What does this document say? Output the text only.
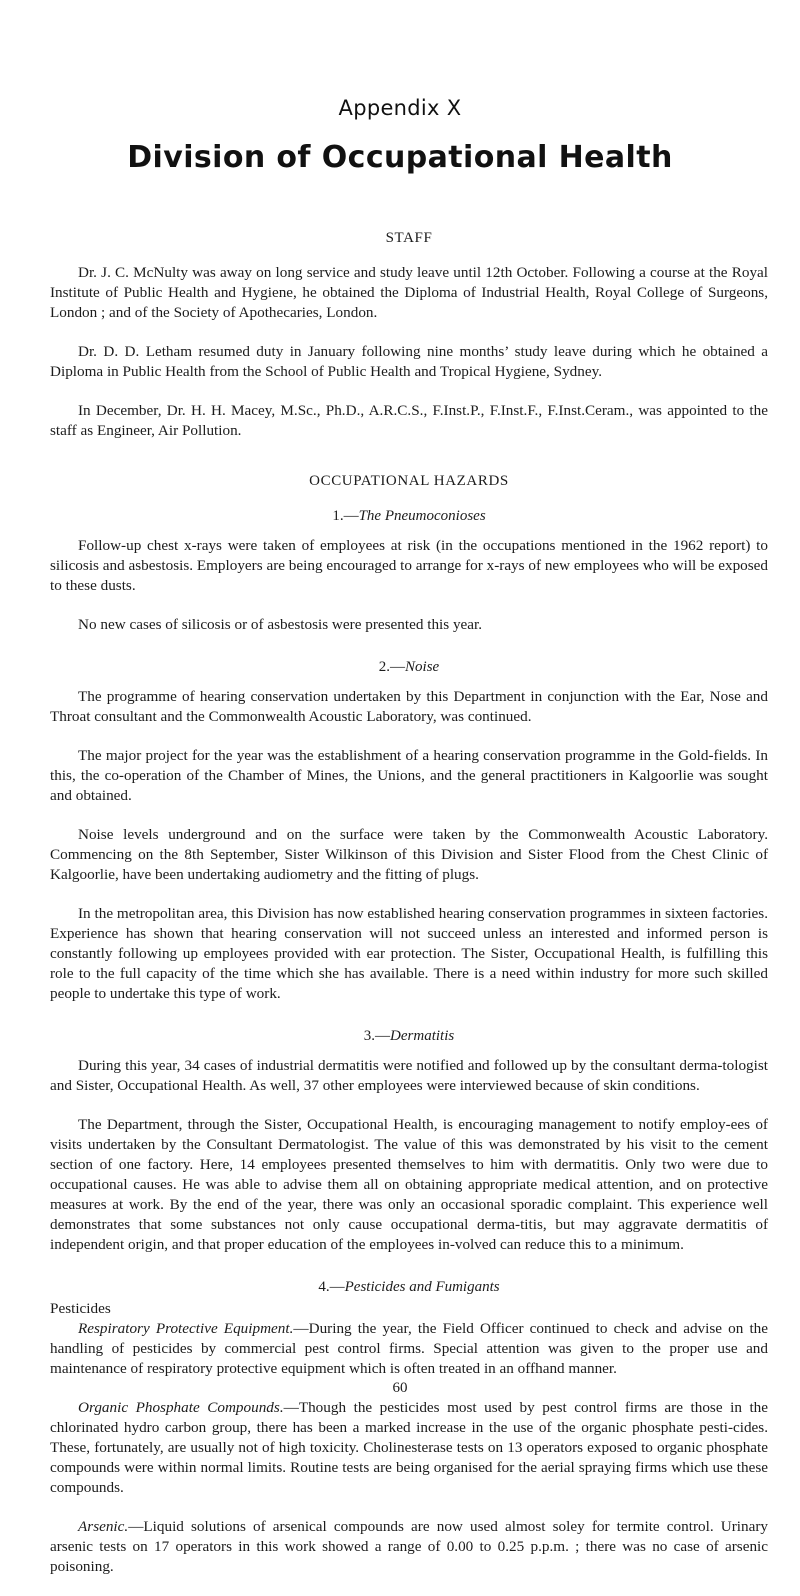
Appendix X
Division of Occupational Health
STAFF

Dr. J. C. McNulty was away on long service and study leave until 12th October. Following a course at the Royal Institute of Public Health and Hygiene, he obtained the Diploma of Industrial Health, Royal College of Surgeons, London ; and of the Society of Apothecaries, London.

Dr. D. D. Letham resumed duty in January following nine months’ study leave during which he obtained a Diploma in Public Health from the School of Public Health and Tropical Hygiene, Sydney.

In December, Dr. H. H. Macey, M.Sc., Ph.D., A.R.C.S., F.Inst.P., F.Inst.F., F.Inst.Ceram., was appointed to the staff as Engineer, Air Pollution.

OCCUPATIONAL HAZARDS
1.—The Pneumoconioses

Follow-up chest x-rays were taken of employees at risk (in the occupations mentioned in the 1962 report) to silicosis and asbestosis. Employers are being encouraged to arrange for x-rays of new employees who will be exposed to these dusts.

No new cases of silicosis or of asbestosis were presented this year.

2.—Noise

The programme of hearing conservation undertaken by this Department in conjunction with the Ear, Nose and Throat consultant and the Commonwealth Acoustic Laboratory, was continued.

The major project for the year was the establishment of a hearing conservation programme in the Gold-fields. In this, the co-operation of the Chamber of Mines, the Unions, and the general practitioners in Kalgoorlie was sought and obtained.

Noise levels underground and on the surface were taken by the Commonwealth Acoustic Laboratory. Commencing on the 8th September, Sister Wilkinson of this Division and Sister Flood from the Chest Clinic of Kalgoorlie, have been undertaking audiometry and the fitting of plugs.

In the metropolitan area, this Division has now established hearing conservation programmes in sixteen factories. Experience has shown that hearing conservation will not succeed unless an interested and informed person is constantly following up employees provided with ear protection. The Sister, Occupational Health, is fulfilling this role to the full capacity of the time which she has available. There is a need within industry for more such skilled people to undertake this type of work.

3.—Dermatitis

During this year, 34 cases of industrial dermatitis were notified and followed up by the consultant derma-tologist and Sister, Occupational Health. As well, 37 other employees were interviewed because of skin conditions.

The Department, through the Sister, Occupational Health, is encouraging management to notify employ-ees of visits undertaken by the Consultant Dermatologist. The value of this was demonstrated by his visit to the cement section of one factory. Here, 14 employees presented themselves to him with dermatitis. Only two were due to occupational causes. He was able to advise them all on obtaining appropriate medical attention, and on protective measures at work. By the end of the year, there was only an occasional sporadic complaint. This experience well demonstrates that some substances not only cause occupational derma-titis, but may aggravate dermatitis of independent origin, and that proper education of the employees in-volved can reduce this to a minimum.

4.—Pesticides and Fumigants
Pesticides

Respiratory Protective Equipment.—During the year, the Field Officer continued to check and advise on the handling of pesticides by commercial pest control firms. Special attention was given to the proper use and maintenance of respiratory protective equipment which is often treated in an offhand manner.

Organic Phosphate Compounds.—Though the pesticides most used by pest control firms are those in the chlorinated hydro carbon group, there has been a marked increase in the use of the organic phosphate pesti-cides. These, fortunately, are usually not of high toxicity. Cholinesterase tests on 13 operators exposed to organic phosphate compounds were within normal limits. Routine tests are being organised for the aerial spraying firms which use these compounds.

Arsenic.—Liquid solutions of arsenical compounds are now used almost soley for termite control. Urinary arsenic tests on 17 operators in this work showed a range of 0.00 to 0.25 p.p.m. ; there was no case of arsenic poisoning.

60
